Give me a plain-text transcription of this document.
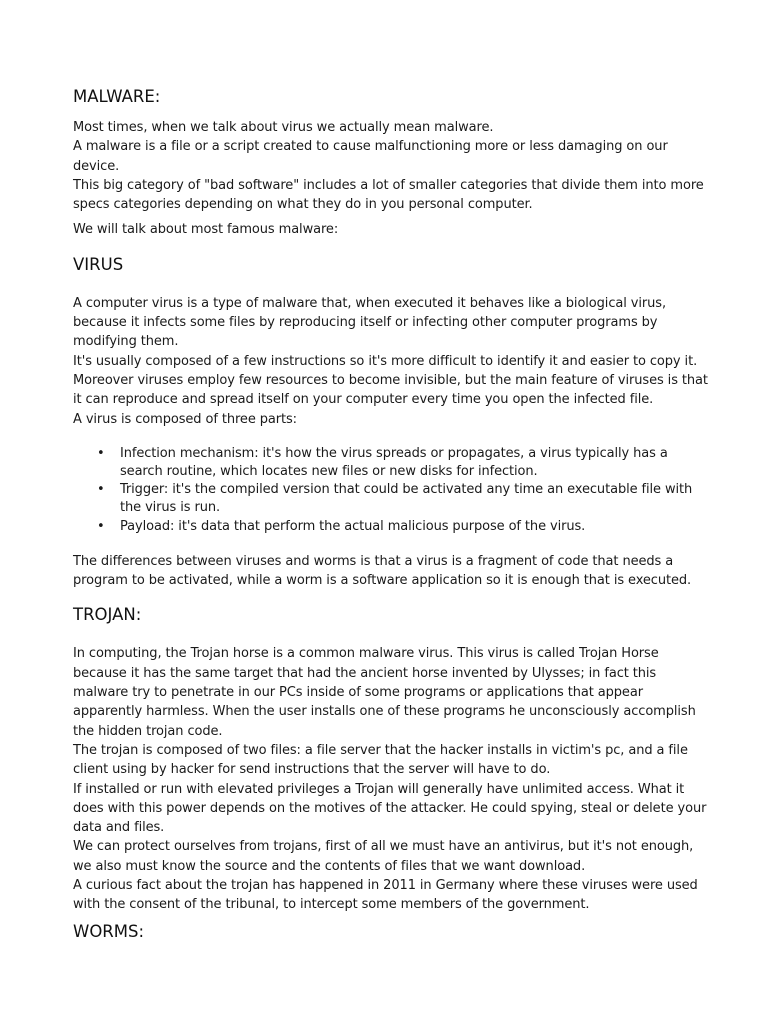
MALWARE:

Most times, when we talk about virus we actually mean malware.

A malware is a file or a script created to cause malfunctioning more or less damaging on our device.

This big category of "bad software" includes a lot of smaller categories that divide them into more specs categories depending on what they do in you personal computer.

We will talk about most famous malware:

VIRUS

A computer virus is a type of malware that, when executed it behaves like a biological virus, because it infects some files by reproducing itself or infecting other computer programs by modifying them.

It's usually composed of a few instructions so it's more difficult to identify it and easier to copy it.

Moreover viruses employ few resources to become invisible, but the main feature of viruses is that it can reproduce and spread itself on your computer every time you open the infected file.

A virus is composed of three parts:

• Infection mechanism: it's how the virus spreads or propagates, a virus typically has a search routine, which locates new files or new disks for infection.
• Trigger: it's the compiled version that could be activated any time an executable file with the virus is run.
• Payload: it's data that perform the actual malicious purpose of the virus.

The differences between viruses and worms is that a virus is a fragment of code that needs a program to be activated, while a worm is a software application so it is enough that is executed.

TROJAN:

In computing, the Trojan horse is a common malware virus. This virus is called Trojan Horse because it has the same target that had the ancient horse invented by Ulysses; in fact this malware try to penetrate in our PCs inside of some programs or applications that appear apparently harmless. When the user installs one of these programs he unconsciously accomplish the hidden trojan code.

The trojan is composed of two files: a file server that the hacker installs in victim's pc, and a file client using by hacker for send instructions that the server will have to do.

If installed or run with elevated privileges a Trojan will generally have unlimited access. What it does with this power depends on the motives of the attacker. He could spying, steal or delete your data and files.

We can protect ourselves from trojans, first of all we must have an antivirus, but it's not enough, we also must know the source and the contents of files that we want download.

A curious fact about the trojan has happened in 2011 in Germany where these viruses were used with the consent of the tribunal, to intercept some members of the government.

WORMS:
